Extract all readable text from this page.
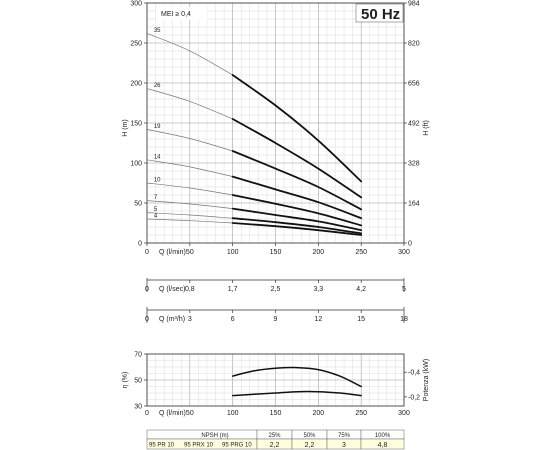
35
26
19
14
10
7
5
4
0	50	100	150	200	250	300
Q (l/min)
0
50
100
150
200
250
300
0
164
328
492
656
820
984
MEI ≥ 0,4	50 Hz
H (m)	H (ft)
0	0,8	1,7	2,5	3,3	4,2	5
Q (l/sec)
0	3	6	9	12	15	18
Q (m³/h)
0	50	100	150	200	250	300
Q (l/min)
30
50
70
-0,2
-0,4
η (%)	Potenza (kW)
NPSH (m)	25%	50%	75%	100%
95 PR 10 95 PRX 10 95 PRG 10	2,2	2,2	3	4,8
